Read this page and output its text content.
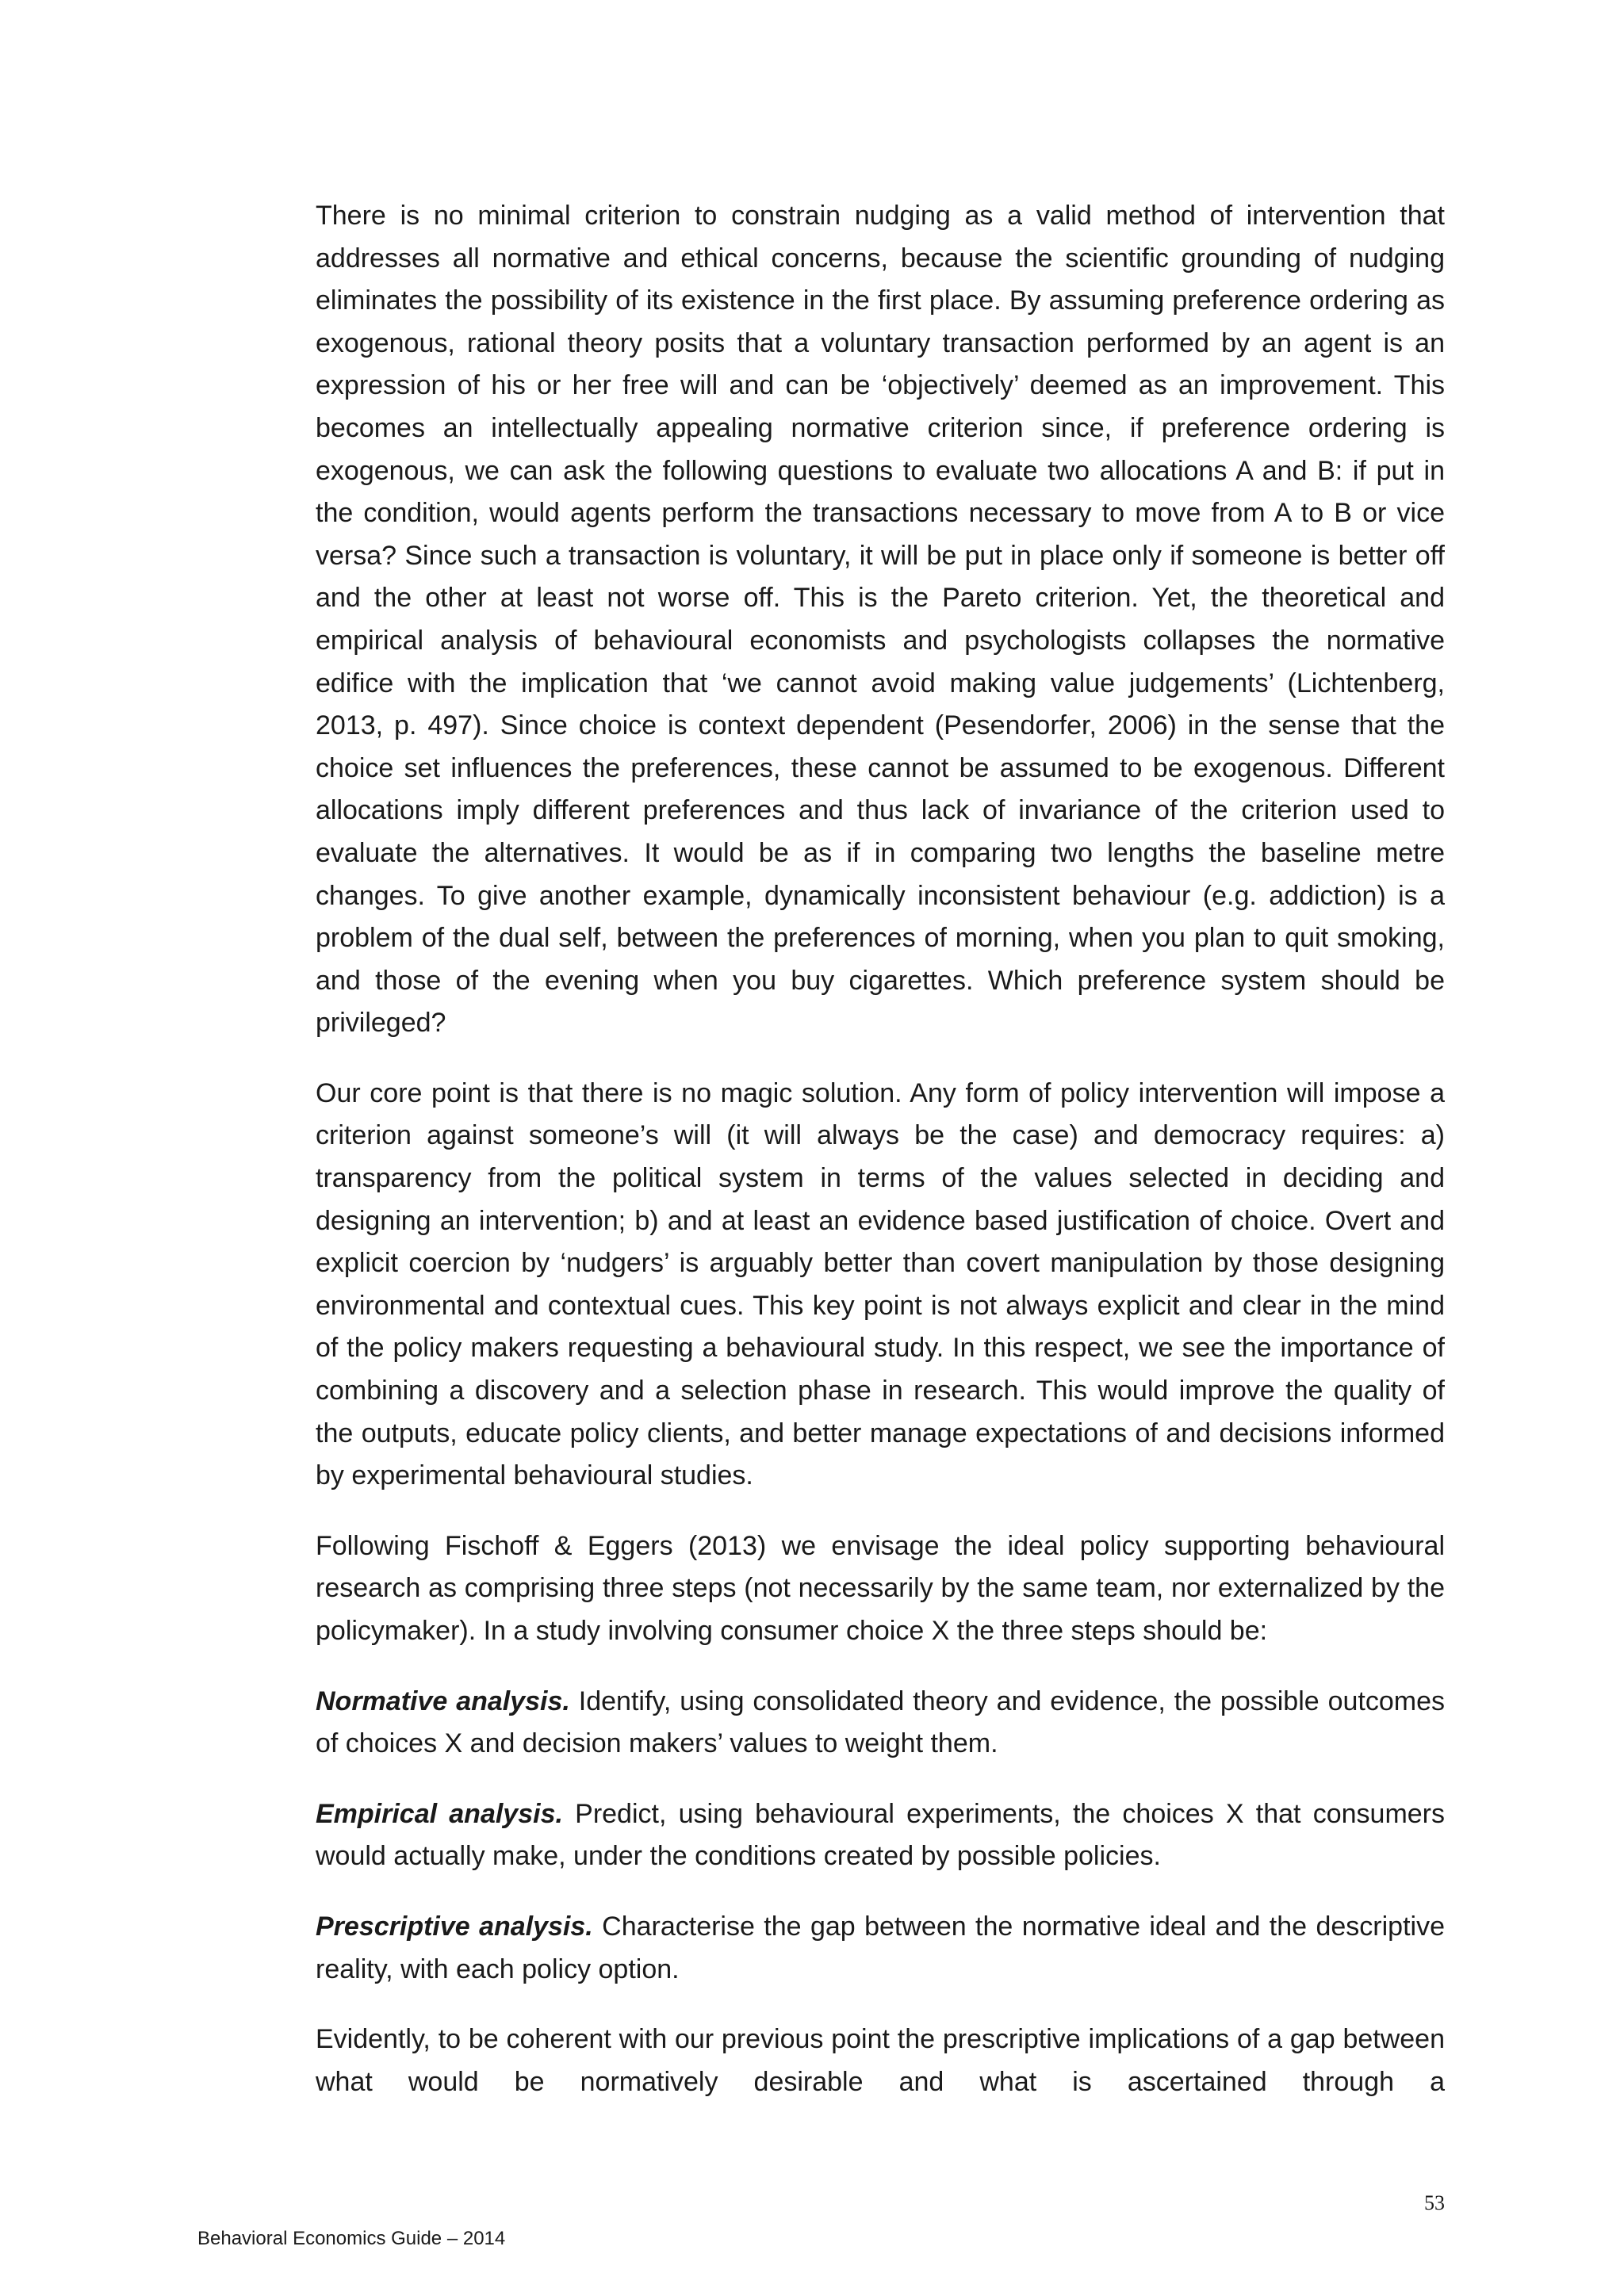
There is no minimal criterion to constrain nudging as a valid method of intervention that addresses all normative and ethical concerns, because the scientific grounding of nudging eliminates the possibility of its existence in the first place. By assuming preference ordering as exogenous, rational theory posits that a voluntary transaction performed by an agent is an expression of his or her free will and can be ‘objectively’ deemed as an improvement. This becomes an intellectually appealing normative criterion since, if preference ordering is exogenous, we can ask the following questions to evaluate two allocations A and B: if put in the condition, would agents perform the transactions necessary to move from A to B or vice versa? Since such a transaction is voluntary, it will be put in place only if someone is better off and the other at least not worse off. This is the Pareto criterion. Yet, the theoretical and empirical analysis of behavioural economists and psychologists collapses the normative edifice with the implication that ‘we cannot avoid making value judgements’ (Lichtenberg, 2013, p. 497). Since choice is context dependent (Pesendorfer, 2006) in the sense that the choice set influences the preferences, these cannot be assumed to be exogenous. Different allocations imply different preferences and thus lack of invariance of the criterion used to evaluate the alternatives. It would be as if in comparing two lengths the baseline metre changes. To give another example, dynamically inconsistent behaviour (e.g. addiction) is a problem of the dual self, between the preferences of morning, when you plan to quit smoking, and those of the evening when you buy cigarettes. Which preference system should be privileged?

Our core point is that there is no magic solution. Any form of policy intervention will impose a criterion against someone’s will (it will always be the case) and democracy requires: a) transparency from the political system in terms of the values selected in deciding and designing an intervention; b) and at least an evidence based justification of choice. Overt and explicit coercion by ‘nudgers’ is arguably better than covert manipulation by those designing environmental and contextual cues. This key point is not always explicit and clear in the mind of the policy makers requesting a behavioural study. In this respect, we see the importance of combining a discovery and a selection phase in research. This would improve the quality of the outputs, educate policy clients, and better manage expectations of and decisions informed by experimental behavioural studies.

Following Fischoff & Eggers (2013) we envisage the ideal policy supporting behavioural research as comprising three steps (not necessarily by the same team, nor externalized by the policymaker). In a study involving consumer choice X the three steps should be:

Normative analysis. Identify, using consolidated theory and evidence, the possible outcomes of choices X and decision makers’ values to weight them.

Empirical analysis. Predict, using behavioural experiments, the choices X that consumers would actually make, under the conditions created by possible policies.

Prescriptive analysis. Characterise the gap between the normative ideal and the descriptive reality, with each policy option.

Evidently, to be coherent with our previous point the prescriptive implications of a gap between what would be normatively desirable and what is ascertained through a

53
Behavioral Economics Guide – 2014
